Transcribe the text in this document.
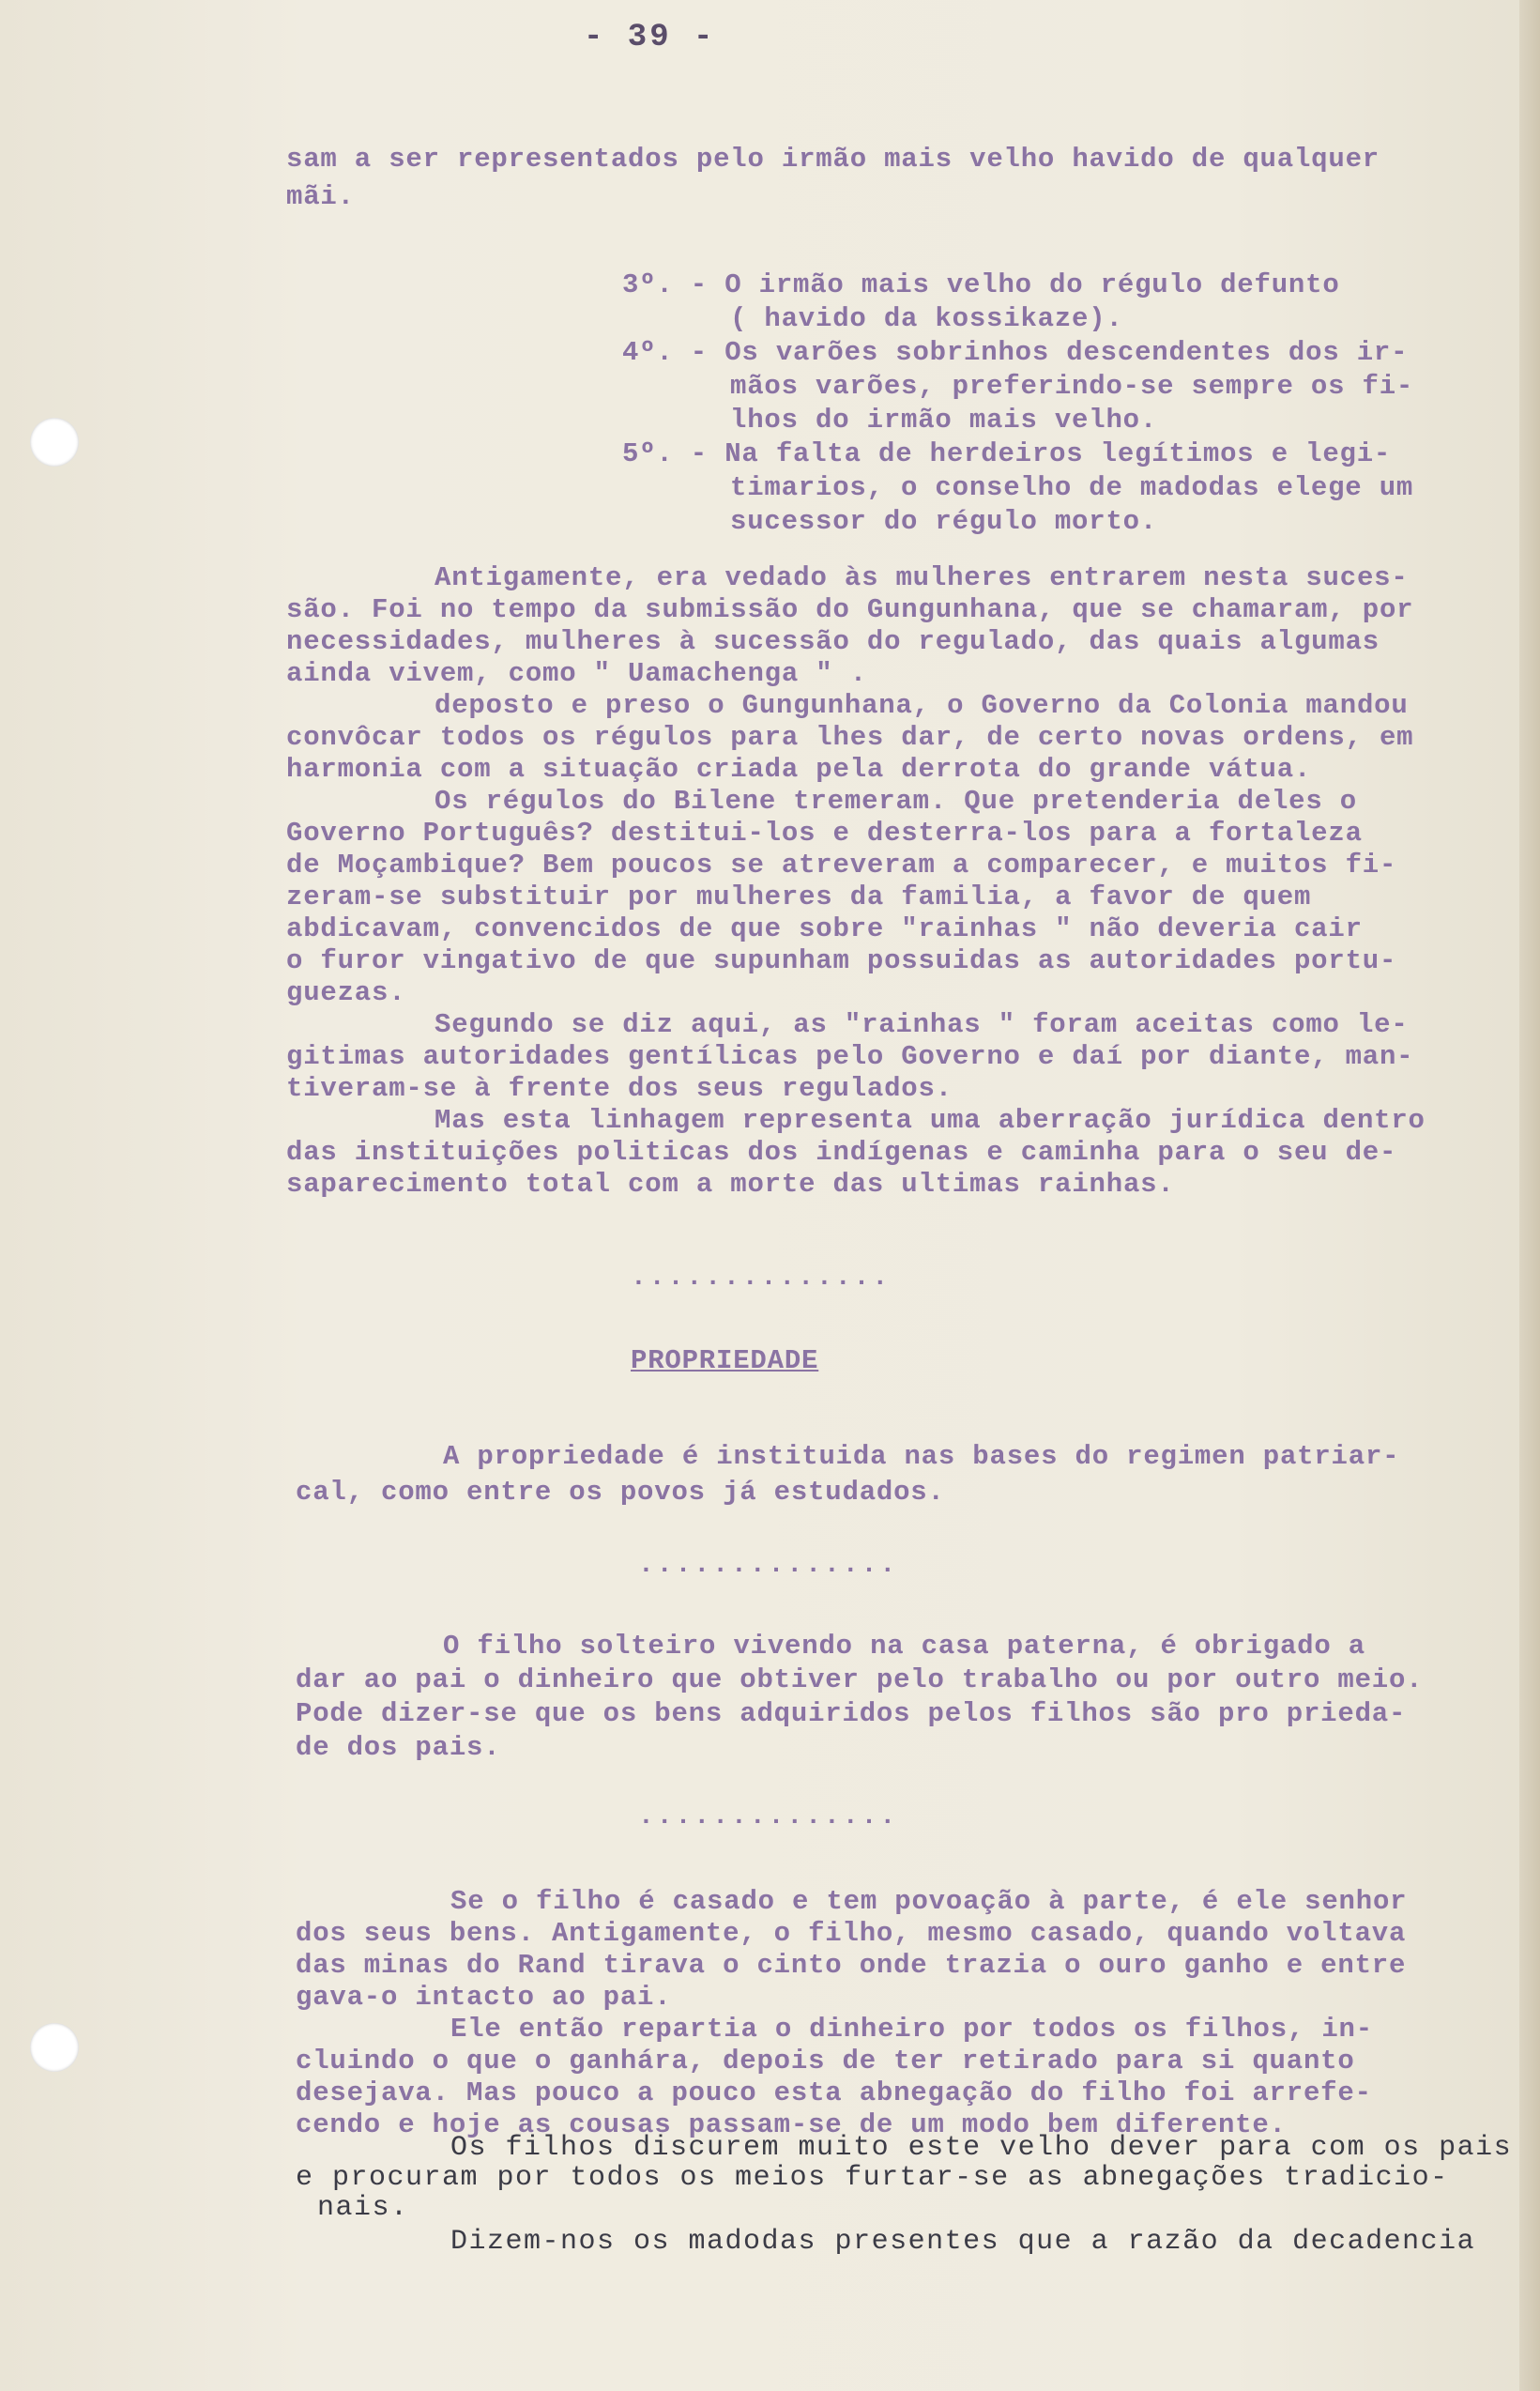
- 39 -
sam a ser representados pelo irmão mais velho havido de qualquer
mãi.
3º. - O irmão mais velho do régulo defunto
( havido da kossikaze).
4º. - Os varões sobrinhos descendentes dos ir-
mãos varões, preferindo-se sempre os fi-
lhos do irmão mais velho.
5º. - Na falta de herdeiros legítimos e legi-
timarios, o conselho de madodas elege um
sucessor do régulo morto.
Antigamente, era vedado às mulheres entrarem nesta suces-
são. Foi no tempo da submissão do Gungunhana, que se chamaram, por
necessidades, mulheres à sucessão do regulado, das quais algumas
ainda vivem, como " Uamachenga " .
deposto e preso o Gungunhana, o Governo da Colonia mandou
convôcar todos os régulos para lhes dar, de certo novas ordens, em
harmonia com a situação criada pela derrota do grande vátua.
Os régulos do Bilene tremeram. Que pretenderia deles o
Governo Português? destitui-los e desterra-los para a fortaleza
de Moçambique? Bem poucos se atreveram a comparecer, e muitos fi-
zeram-se substituir por mulheres da familia, a favor de quem
abdicavam, convencidos de que sobre "rainhas " não deveria cair
o furor vingativo de que supunham possuidas as autoridades portu-
guezas.
Segundo se diz aqui, as "rainhas " foram aceitas como le-
gitimas autoridades gentílicas pelo Governo e daí por diante, man-
tiveram-se à frente dos seus regulados.
Mas esta linhagem representa uma aberração jurídica dentro
das instituições politicas dos indígenas e caminha para o seu de-
saparecimento total com a morte das ultimas rainhas.
..............
PROPRIEDADE
A propriedade é instituida nas bases do regimen patriar-
cal, como entre os povos já estudados.
..............
O filho solteiro vivendo na casa paterna, é obrigado a
dar ao pai o dinheiro que obtiver pelo trabalho ou por outro meio.
Pode dizer-se que os bens adquiridos pelos filhos são pro prieda-
de dos pais.
..............
Se o filho é casado e tem povoação à parte, é ele senhor
dos seus bens. Antigamente, o filho, mesmo casado, quando voltava
das minas do Rand tirava o cinto onde trazia o ouro ganho e entre
gava-o intacto ao pai.
Ele então repartia o dinheiro por todos os filhos, in-
cluindo o que o ganhára, depois de ter retirado para si quanto
desejava. Mas pouco a pouco esta abnegação do filho foi arrefe-
cendo e hoje as cousas passam-se de um modo bem diferente.
Os filhos discurem muito este velho dever para com os pais
e procuram por todos os meios furtar-se as abnegações tradicio-
nais.
Dizem-nos os madodas presentes que a razão da decadencia
